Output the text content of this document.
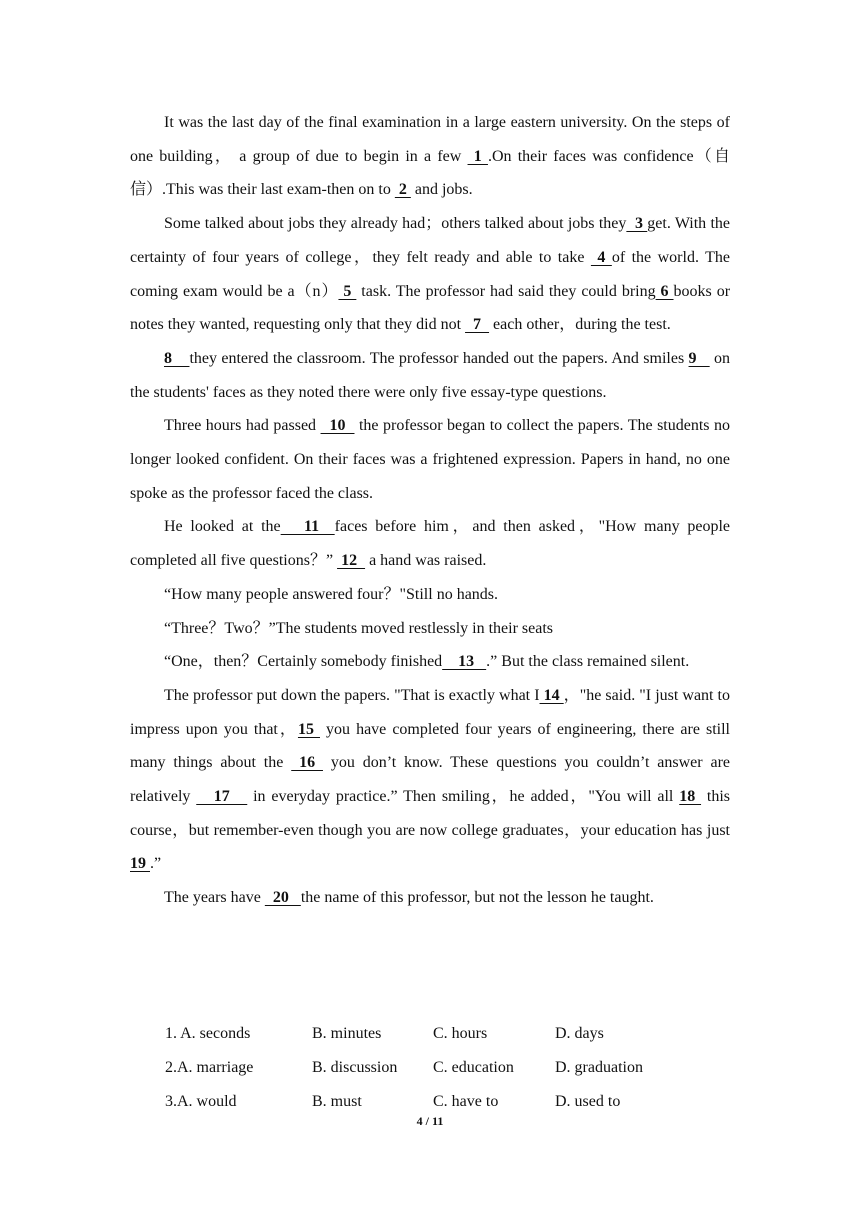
It was the last day of the final examination in a large eastern university. On the steps of one building， a group of due to begin in a few  1 .On their faces was confidence（自信）.This was their last exam-then on to  2  and jobs.

Some talked about jobs they already had；others talked about jobs they  3 get. With the certainty of four years of college，they felt ready and able to take  4 of the world. The coming exam would be a（n） 5  task. The professor had said they could bring 6 books or notes they wanted, requesting only that they did not   7   each other，during the test.

8    they entered the classroom. The professor handed out the papers. And smiles 9    on the students' faces as they noted there were only five essay-type questions.

Three hours had passed   10   the professor began to collect the papers. The students no longer looked confident. On their faces was a frightened expression. Papers in hand, no one spoke as the professor faced the class.

He looked at the   11  faces before him，and then asked，"How many people completed all five questions？”  12   a hand was raised.

“How many people answered four？"Still no hands.

“Three？Two？”The students moved restlessly in their seats

“One，then？Certainly somebody finished    13   .” But the class remained silent.

The professor put down the papers. "That is exactly what I 14 ，"he said. "I just want to impress upon you that，15  you have completed four years of engineering, there are still many things about the  16  you don’t know. These questions you couldn’t answer are relatively    17    in everyday practice.” Then smiling，he added，"You will all 18  this course，but remember-even though you are now college graduates，your education has just 19 .”

The years have   20   the name of this professor, but not the lesson he taught.

1. A. seconds	B. minutes	C. hours	D. days
2.A. marriage	B. discussion C. education	D. graduation
3.A. would	B. must	C. have to	D. used to
4 / 11
